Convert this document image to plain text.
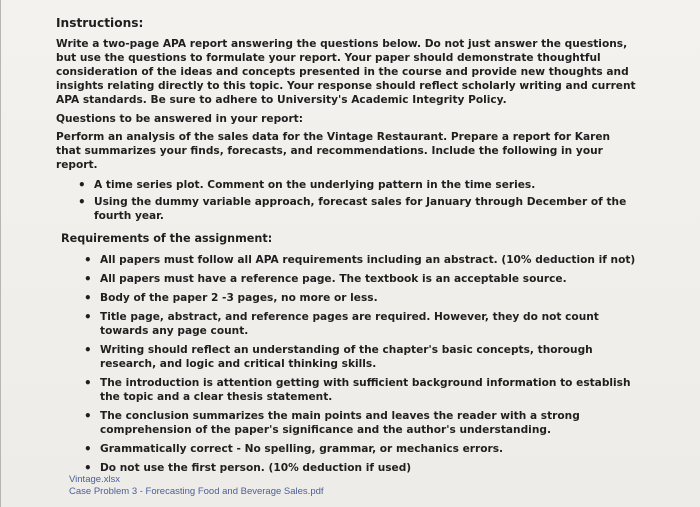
Instructions:

Write a two-page APA report answering the questions below. Do not just answer the questions, but use the questions to formulate your report. Your paper should demonstrate thoughtful consideration of the ideas and concepts presented in the course and provide new thoughts and insights relating directly to this topic. Your response should reflect scholarly writing and current APA standards. Be sure to adhere to University's Academic Integrity Policy.

Questions to be answered in your report:

Perform an analysis of the sales data for the Vintage Restaurant. Prepare a report for Karen that summarizes your finds, forecasts, and recommendations. Include the following in your report.

• A time series plot. Comment on the underlying pattern in the time series.
• Using the dummy variable approach, forecast sales for January through December of the fourth year.
Requirements of the assignment:
• All papers must follow all APA requirements including an abstract. (10% deduction if not)
• All papers must have a reference page. The textbook is an acceptable source.
• Body of the paper 2 -3 pages, no more or less.
• Title page, abstract, and reference pages are required. However, they do not count towards any page count.
• Writing should reflect an understanding of the chapter's basic concepts, thorough research, and logic and critical thinking skills.
• The introduction is attention getting with sufficient background information to establish the topic and a clear thesis statement.
• The conclusion summarizes the main points and leaves the reader with a strong comprehension of the paper's significance and the author's understanding.
• Grammatically correct - No spelling, grammar, or mechanics errors.
• Do not use the first person. (10% deduction if used)
Vintage.xlsx
Case Problem 3 - Forecasting Food and Beverage Sales.pdf
